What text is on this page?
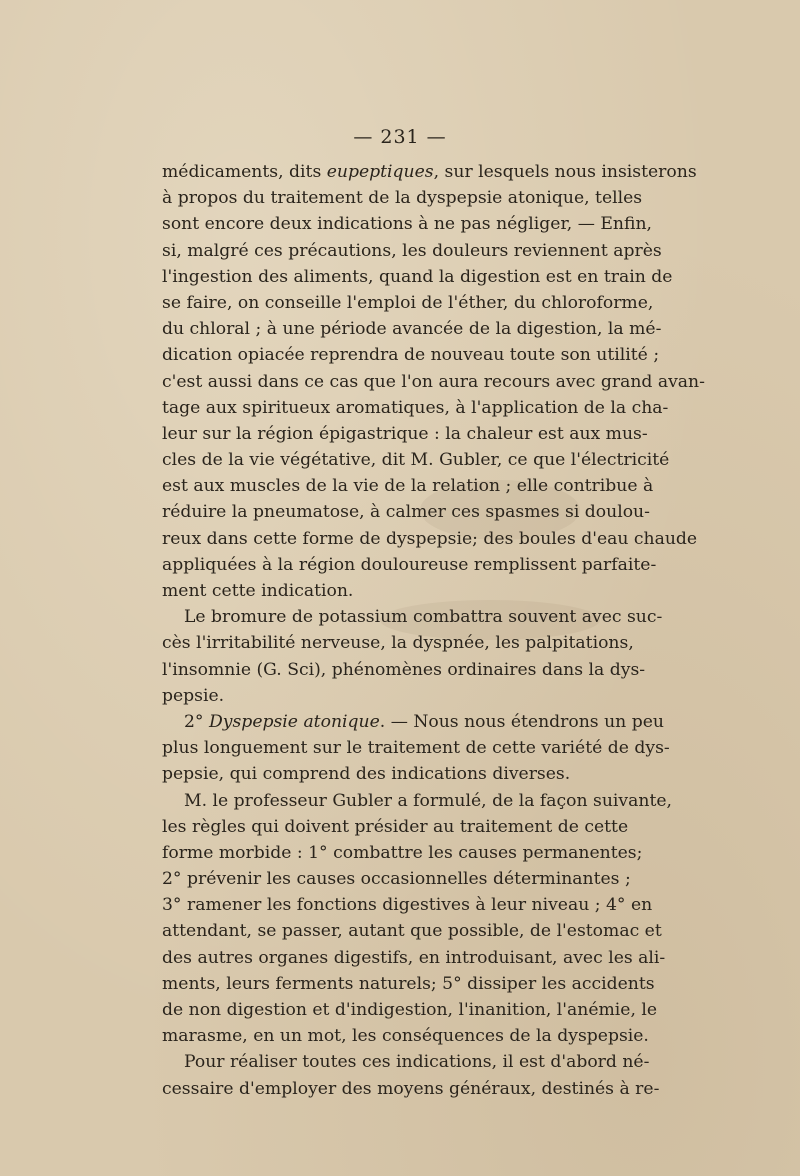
— 231 —
médicaments, dits eupeptiques, sur lesquels nous insisterons
à propos du traitement de la dyspepsie atonique, telles
sont encore deux indications à ne pas négliger, — Enfin,
si, malgré ces précautions, les douleurs reviennent après
l'ingestion des aliments, quand la digestion est en train de
se faire, on conseille l'emploi de l'éther, du chloroforme,
du chloral ; à une période avancée de la digestion, la mé-
dication opiacée reprendra de nouveau toute son utilité ;
c'est aussi dans ce cas que l'on aura recours avec grand avan-
tage aux spiritueux aromatiques, à l'application de la cha-
leur sur la région épigastrique : la chaleur est aux mus-
cles de la vie végétative, dit M. Gubler, ce que l'électricité
est aux muscles de la vie de la relation ; elle contribue à
réduire la pneumatose, à calmer ces spasmes si doulou-
reux dans cette forme de dyspepsie; des boules d'eau chaude
appliquées à la région douloureuse remplissent parfaite-
ment cette indication.
Le bromure de potassium combattra souvent avec suc-
cès l'irritabilité nerveuse, la dyspnée, les palpitations,
l'insomnie (G. Sci), phénomènes ordinaires dans la dys-
pepsie.
2° Dyspepsie atonique. — Nous nous étendrons un peu
plus longuement sur le traitement de cette variété de dys-
pepsie, qui comprend des indications diverses.
M. le professeur Gubler a formulé, de la façon suivante,
les règles qui doivent présider au traitement de cette
forme morbide : 1° combattre les causes permanentes;
2° prévenir les causes occasionnelles déterminantes ;
3° ramener les fonctions digestives à leur niveau ; 4° en
attendant, se passer, autant que possible, de l'estomac et
des autres organes digestifs, en introduisant, avec les ali-
ments, leurs ferments naturels; 5° dissiper les accidents
de non digestion et d'indigestion, l'inanition, l'anémie, le
marasme, en un mot, les conséquences de la dyspepsie.
Pour réaliser toutes ces indications, il est d'abord né-
cessaire d'employer des moyens généraux, destinés à re-
